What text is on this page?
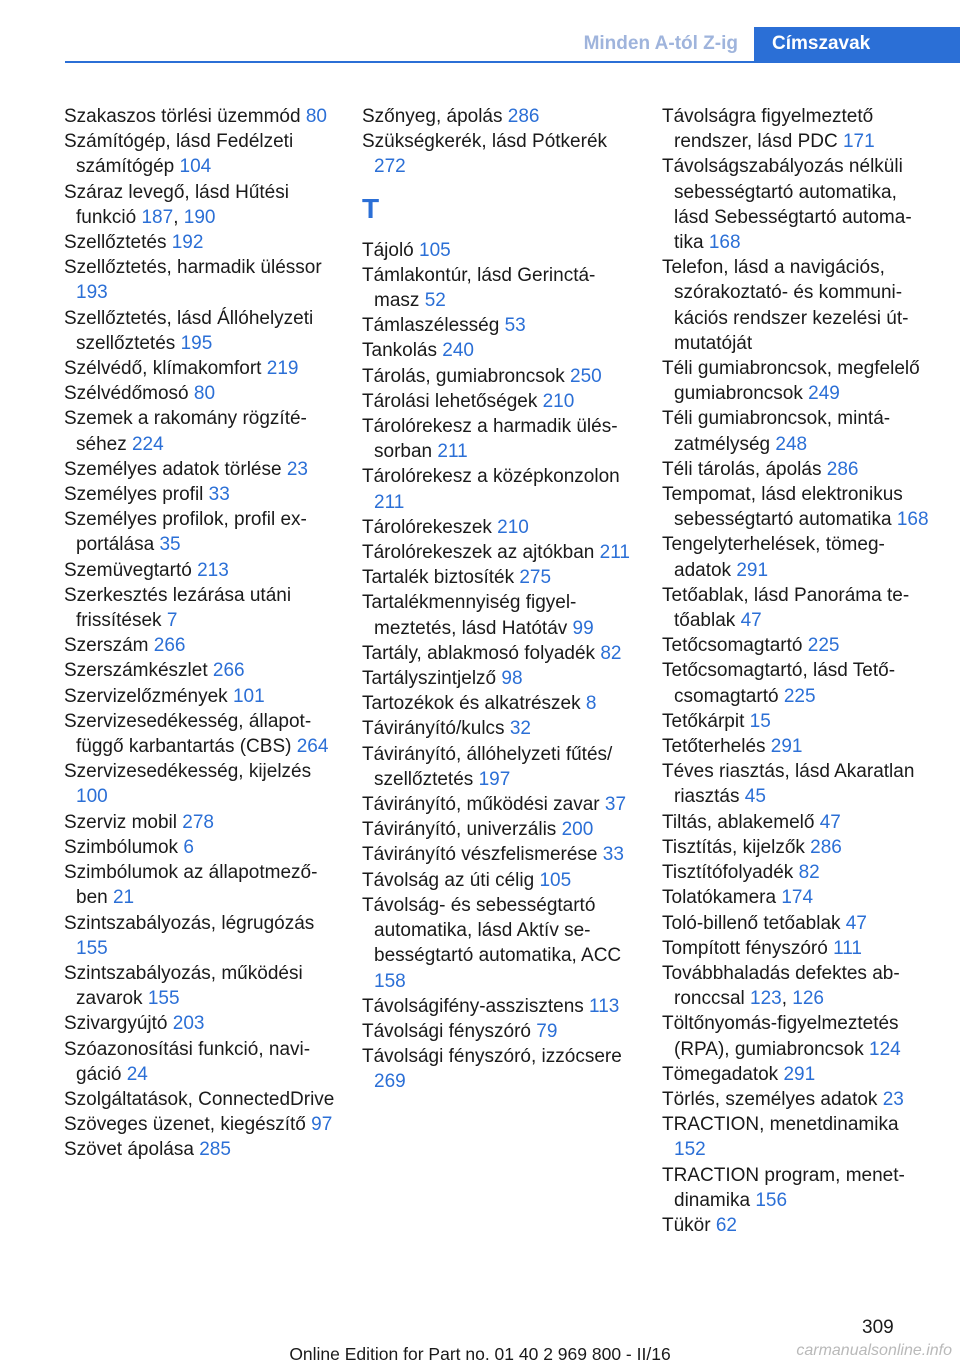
Minden A-tól Z-ig	Címszavak
Szakaszos törlési üzemmód 80
Számítógép, lásd Fedélzeti számítógép 104
Száraz levegő, lásd Hűtési funkció 187, 190
Szellőztetés 192
Szellőztetés, harmadik üléssor 193
Szellőztetés, lásd Állóhelyzeti szellőztetés 195
Szélvédő, klímakomfort 219
Szélvédőmosó 80
Szemek a rakomány rögzítéséhez 224
Személyes adatok törlése 23
Személyes profil 33
Személyes profilok, profil exportálása 35
Szemüvegtartó 213
Szerkesztés lezárása utáni frissítések 7
Szerszám 266
Szerszámkészlet 266
Szervizelőzmények 101
Szervizesedékesség, állapotfüggő karbantartás (CBS) 264
Szervizesedékesség, kijelzés 100
Szerviz mobil 278
Szimbólumok 6
Szimbólumok az állapotmezőben 21
Szintszabályozás, légrugózás 155
Szintszabályozás, működési zavarok 155
Szivargyújtó 203
Szóazonosítási funkció, navigáció 24
Szolgáltatások, ConnectedDrive
Szöveges üzenet, kiegészítő 97
Szövet ápolása 285
Szőnyeg, ápolás 286
Szükségkerék, lásd Pótkerék 272
T
Tájoló 105
Támlakontúr, lásd Gerinctámasz 52
Támlaszélesség 53
Tankolás 240
Tárolás, gumiabroncsok 250
Tárolási lehetőségek 210
Tárolórekesz a harmadik üléssorban 211
Tárolórekesz a középkonzolon 211
Tárolórekeszek 210
Tárolórekeszek az ajtókban 211
Tartalék biztosíték 275
Tartalékmennyiség figyelmeztetés, lásd Hatótáv 99
Tartály, ablakmosó folyadék 82
Tartályszintjelző 98
Tartozékok és alkatrészek 8
Távirányító/kulcs 32
Távirányító, állóhelyzeti fűtés/ szellőztetés 197
Távirányító, működési zavar 37
Távirányító, univerzális 200
Távirányító vészfelismerése 33
Távolság az úti célig 105
Távolság- és sebességtartó automatika, lásd Aktív sebességtartó automatika, ACC 158
Távolságifény-asszisztens 113
Távolsági fényszóró 79
Távolsági fényszóró, izzócsere 269
Távolságra figyelmeztető rendszer, lásd PDC 171
Távolságszabályozás nélküli sebességtartó automatika, lásd Sebességtartó automatika 168
Telefon, lásd a navigációs, szórakoztató- és kommunikációs rendszer kezelési útmutatóját
Téli gumiabroncsok, megfelelő gumiabroncsok 249
Téli gumiabroncsok, mintázatmélység 248
Téli tárolás, ápolás 286
Tempomat, lásd elektronikus sebességtartó automatika 168
Tengelyterhelések, tömegadatok 291
Tetőablak, lásd Panoráma tetőablak 47
Tetőcsomagtartó 225
Tetőcsomagtartó, lásd Tetőcsomagtartó 225
Tetőkárpit 15
Tetőterhelés 291
Téves riasztás, lásd Akaratlan riasztás 45
Tiltás, ablakemelő 47
Tisztítás, kijelzők 286
Tisztítófolyadék 82
Tolatókamera 174
Toló-billenő tetőablak 47
Tompított fényszóró 111
Továbbhaladás defektes abronccsal 123, 126
Töltőnyomás-figyelmeztetés (RPA), gumiabroncsok 124
Tömegadatok 291
Törlés, személyes adatok 23
TRACTION, menetdinamika 152
TRACTION program, menetdinamika 156
Tükör 62
309
Online Edition for Part no. 01 40 2 969 800 - II/16	carmanualsonline.info
